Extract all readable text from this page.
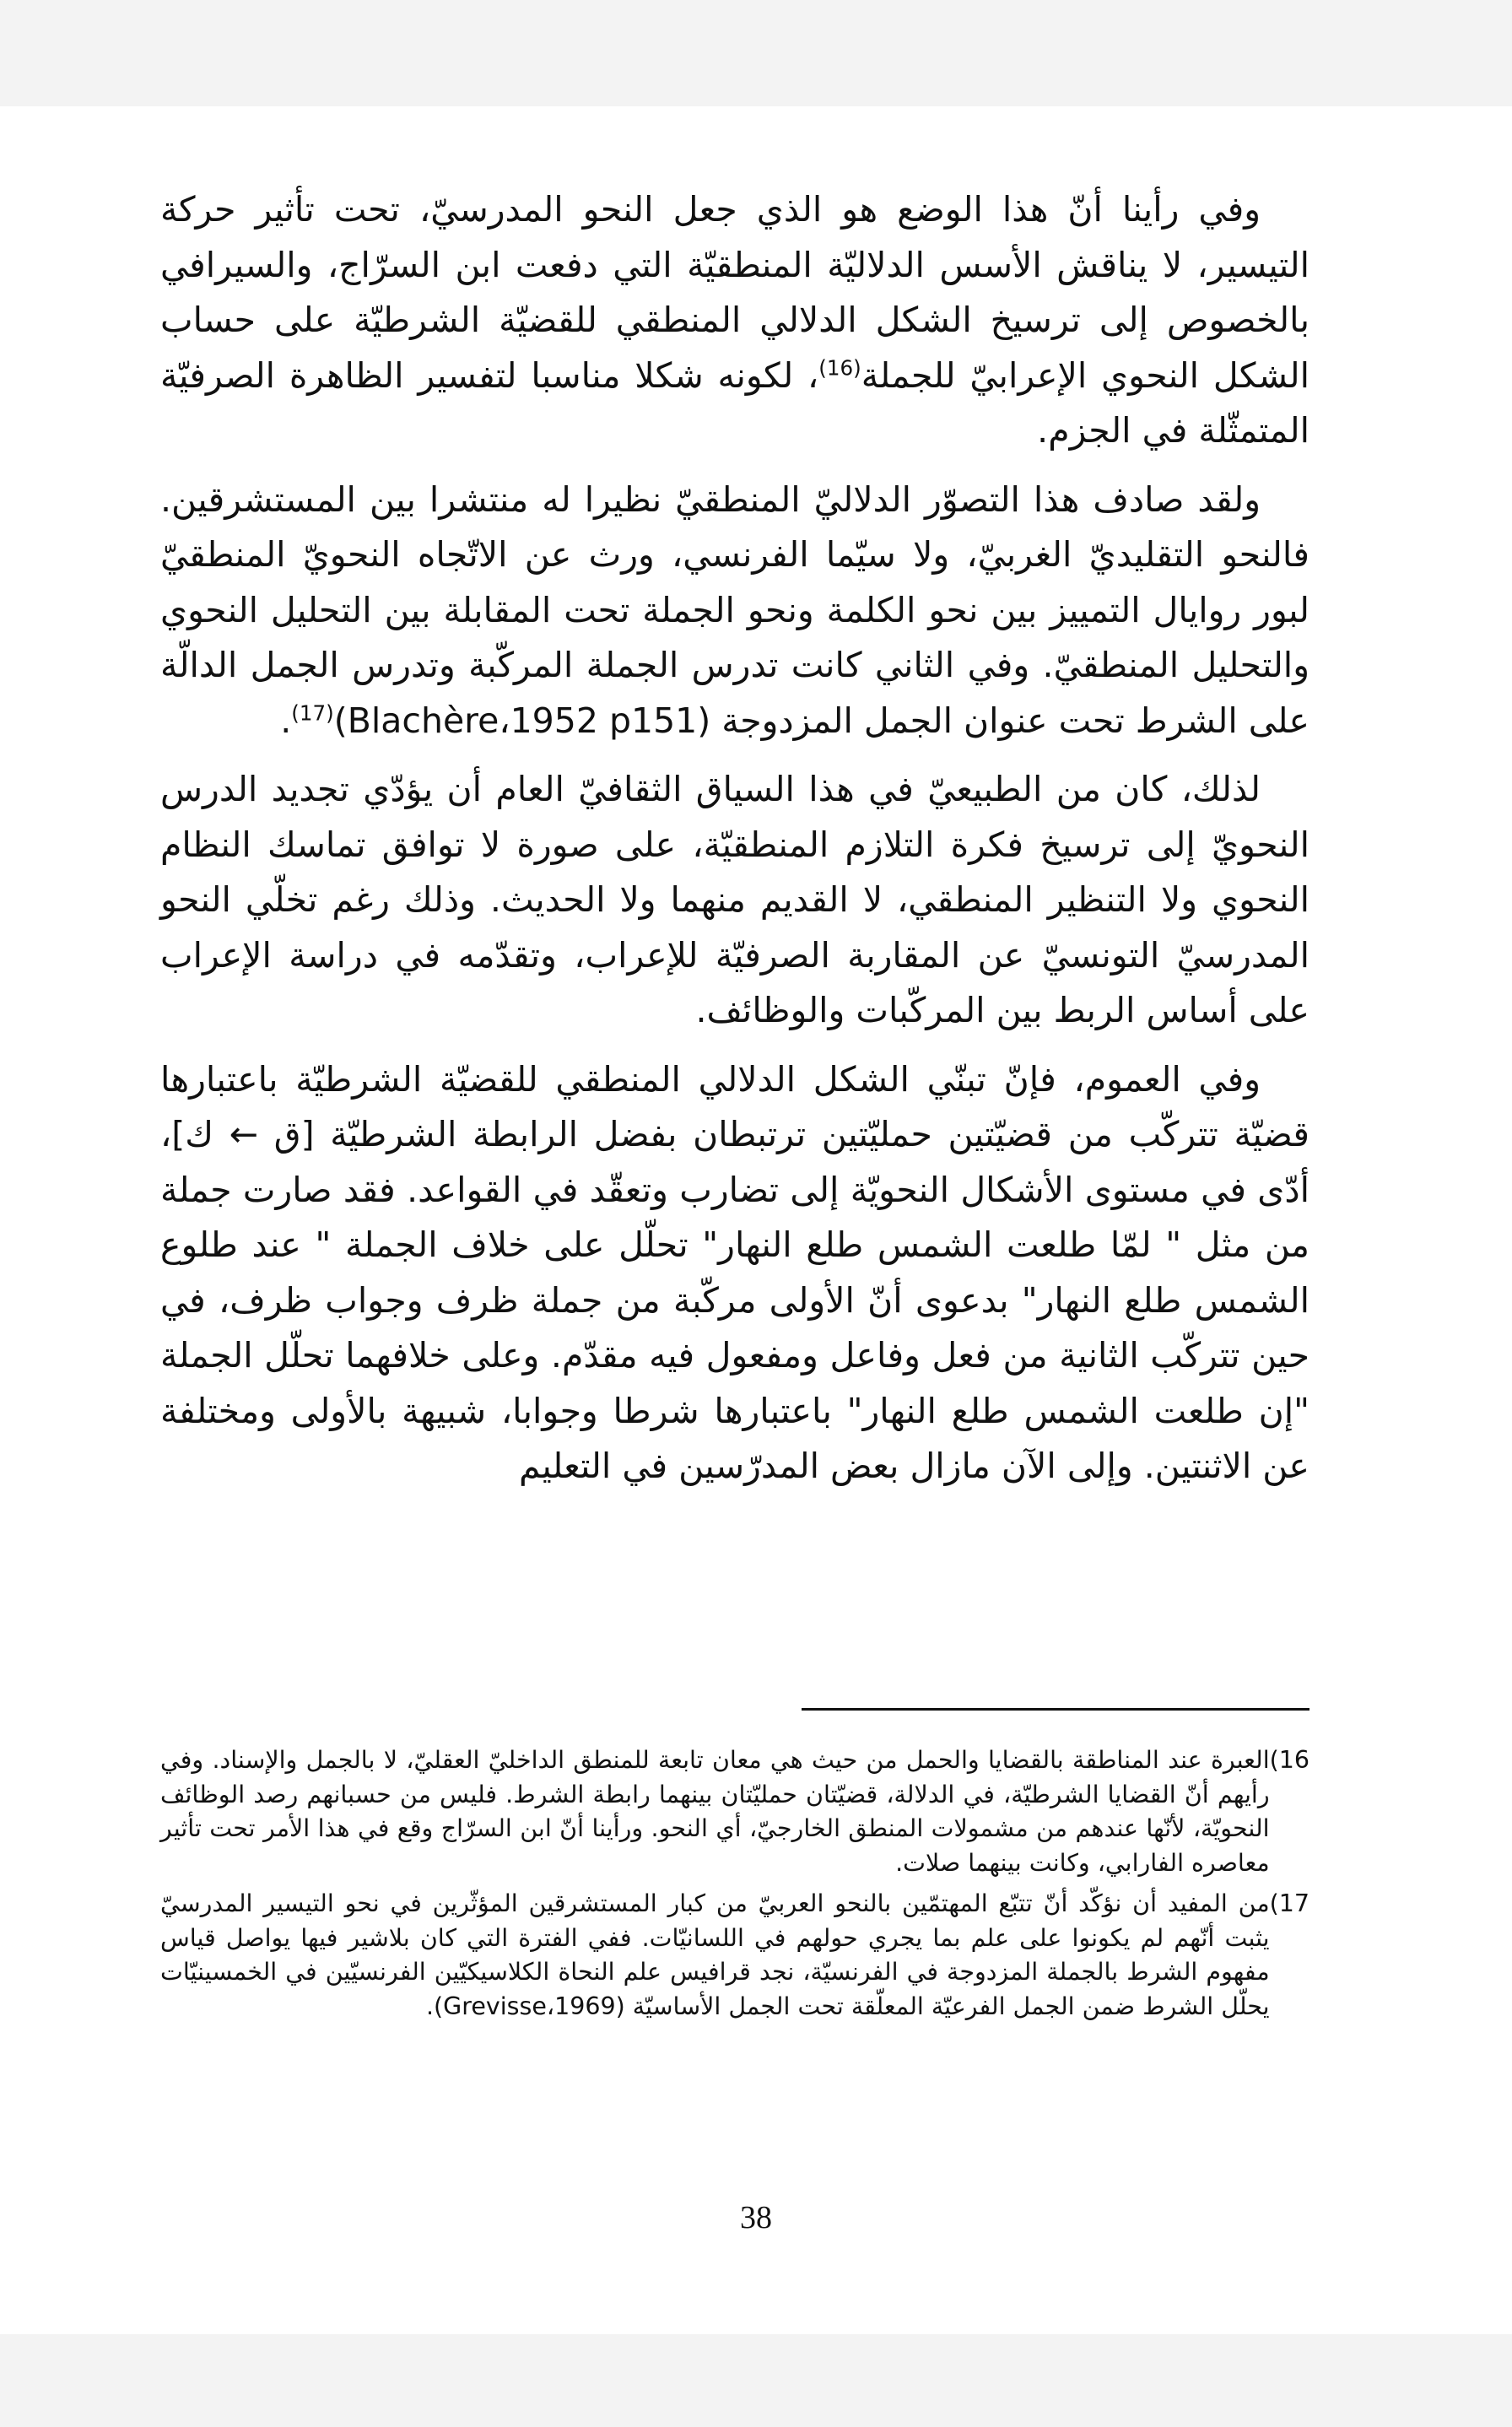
وفي رأينا أنّ هذا الوضع هو الذي جعل النحو المدرسيّ، تحت تأثير حركة التيسير، لا يناقش الأسس الدلاليّة المنطقيّة التي دفعت ابن السرّاج، والسيرافي بالخصوص إلى ترسيخ الشكل الدلالي المنطقي للقضيّة الشرطيّة على حساب الشكل النحوي الإعرابيّ للجملة$^{(16)}$، لكونه شكلا مناسبا لتفسير الظاهرة الصرفيّة المتمثّلة في الجزم.

ولقد صادف هذا التصوّر الدلاليّ المنطقيّ نظيرا له منتشرا بين المستشرقين. فالنحو التقليديّ الغربيّ، ولا سيّما الفرنسي، ورث عن الاتّجاه النحويّ المنطقيّ لبور روايال التمييز بين نحو الكلمة ونحو الجملة تحت المقابلة بين التحليل النحوي والتحليل المنطقيّ. وفي الثاني كانت تدرس الجملة المركّبة وتدرس الجمل الدالّة على الشرط تحت عنوان الجمل المزدوجة (Blachère،1952 p151)$^{(17)}$.

لذلك، كان من الطبيعيّ في هذا السياق الثقافيّ العام أن يؤدّي تجديد الدرس النحويّ إلى ترسيخ فكرة التلازم المنطقيّة، على صورة لا توافق تماسك النظام النحوي ولا التنظير المنطقي، لا القديم منهما ولا الحديث. وذلك رغم تخلّي النحو المدرسيّ التونسيّ عن المقاربة الصرفيّة للإعراب، وتقدّمه في دراسة الإعراب على أساس الربط بين المركّبات والوظائف.

وفي العموم، فإنّ تبنّي الشكل الدلالي المنطقي للقضيّة الشرطيّة باعتبارها قضيّة تتركّب من قضيّتين حمليّتين ترتبطان بفضل الرابطة الشرطيّة [ق ← ك]، أدّى في مستوى الأشكال النحويّة إلى تضارب وتعقّد في القواعد. فقد صارت جملة من مثل " لمّا طلعت الشمس طلع النهار" تحلّل على خلاف الجملة " عند طلوع الشمس طلع النهار" بدعوى أنّ الأولى مركّبة من جملة ظرف وجواب ظرف، في حين تتركّب الثانية من فعل وفاعل ومفعول فيه مقدّم. وعلى خلافهما تحلّل الجملة "إن طلعت الشمس طلع النهار" باعتبارها شرطا وجوابا، شبيهة بالأولى ومختلفة عن الاثنتين. وإلى الآن مازال بعض المدرّسين في التعليم

16)
العبرة عند المناطقة بالقضايا والحمل من حيث هي معان تابعة للمنطق الداخليّ العقليّ، لا بالجمل والإسناد. وفي رأيهم أنّ القضايا الشرطيّة، في الدلالة، قضيّتان حمليّتان بينهما رابطة الشرط. فليس من حسبانهم رصد الوظائف النحويّة، لأنّها عندهم من مشمولات المنطق الخارجيّ، أي النحو. ورأينا أنّ ابن السرّاج وقع في هذا الأمر تحت تأثير معاصره الفارابي، وكانت بينهما صلات.
17)
من المفيد أن نؤكّد أنّ تتبّع المهتمّين بالنحو العربيّ من كبار المستشرقين المؤثّرين في نحو التيسير المدرسيّ يثبت أنّهم لم يكونوا على علم بما يجري حولهم في اللسانيّات. ففي الفترة التي كان بلاشير فيها يواصل قياس مفهوم الشرط بالجملة المزدوجة في الفرنسيّة، نجد قرافيس علم النحاة الكلاسيكيّين الفرنسيّين في الخمسينيّات يحلّل الشرط ضمن الجمل الفرعيّة المعلّقة تحت الجمل الأساسيّة (Grevisse،1969).
38
